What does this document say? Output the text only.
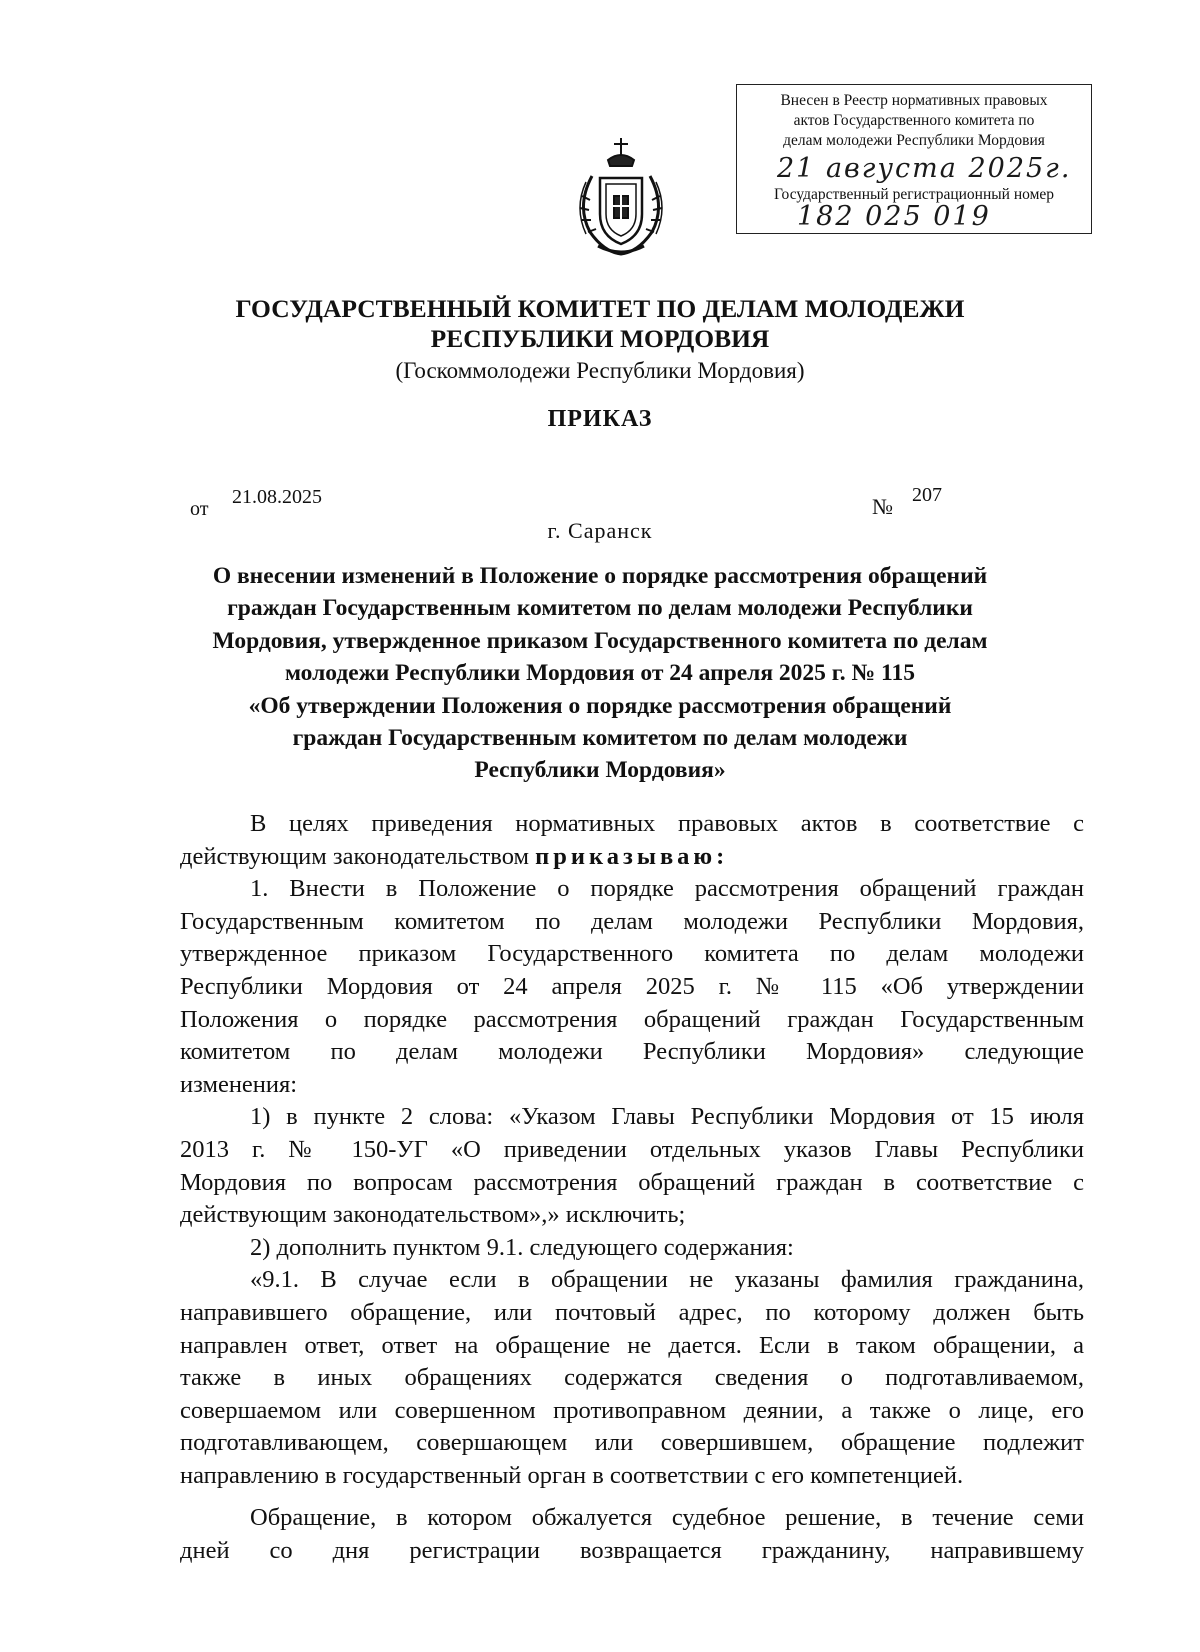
Внесен в Реестр нормативных правовых
актов Государственного комитета по
делам молодежи Республики Мордовия
21 августа 2025г.
Государственный регистрационный номер
182 025 019
ГОСУДАРСТВЕННЫЙ КОМИТЕТ ПО ДЕЛАМ МОЛОДЕЖИ
РЕСПУБЛИКИ МОРДОВИЯ
(Госкоммолодежи Республики Мордовия)
ПРИКАЗ
от
21.08.2025	№ 207
г. Саранск
О внесении изменений в Положение о порядке рассмотрения обращений
граждан Государственным комитетом по делам молодежи Республики
Мордовия, утвержденное приказом Государственного комитета по делам
молодежи Республики Мордовия от 24 апреля 2025 г. № 115
«Об утверждении Положения о порядке рассмотрения обращений
граждан Государственным комитетом по делам молодежи
Республики Мордовия»
В целях приведения нормативных правовых актов в соответствие с
действующим законодательством приказываю:
1. Внести в Положение о порядке рассмотрения обращений граждан
Государственным комитетом по делам молодежи Республики Мордовия,
утвержденное приказом Государственного комитета по делам молодежи
Республики Мордовия от 24 апреля 2025 г. № 115 «Об утверждении
Положения о порядке рассмотрения обращений граждан Государственным
комитетом по делам молодежи Республики Мордовия» следующие
изменения:
1) в пункте 2 слова: «Указом Главы Республики Мордовия от 15 июля
2013 г. № 150-УГ «О приведении отдельных указов Главы Республики
Мордовия по вопросам рассмотрения обращений граждан в соответствие с
действующим законодательством»,» исключить;
2) дополнить пунктом 9.1. следующего содержания:
«9.1. В случае если в обращении не указаны фамилия гражданина,
направившего обращение, или почтовый адрес, по которому должен быть
направлен ответ, ответ на обращение не дается. Если в таком обращении, а
также в иных обращениях содержатся сведения о подготавливаемом,
совершаемом или совершенном противоправном деянии, а также о лице, его
подготавливающем, совершающем или совершившем, обращение подлежит
направлению в государственный орган в соответствии с его компетенцией.
Обращение, в котором обжалуется судебное решение, в течение семи
дней со дня регистрации возвращается гражданину, направившему
